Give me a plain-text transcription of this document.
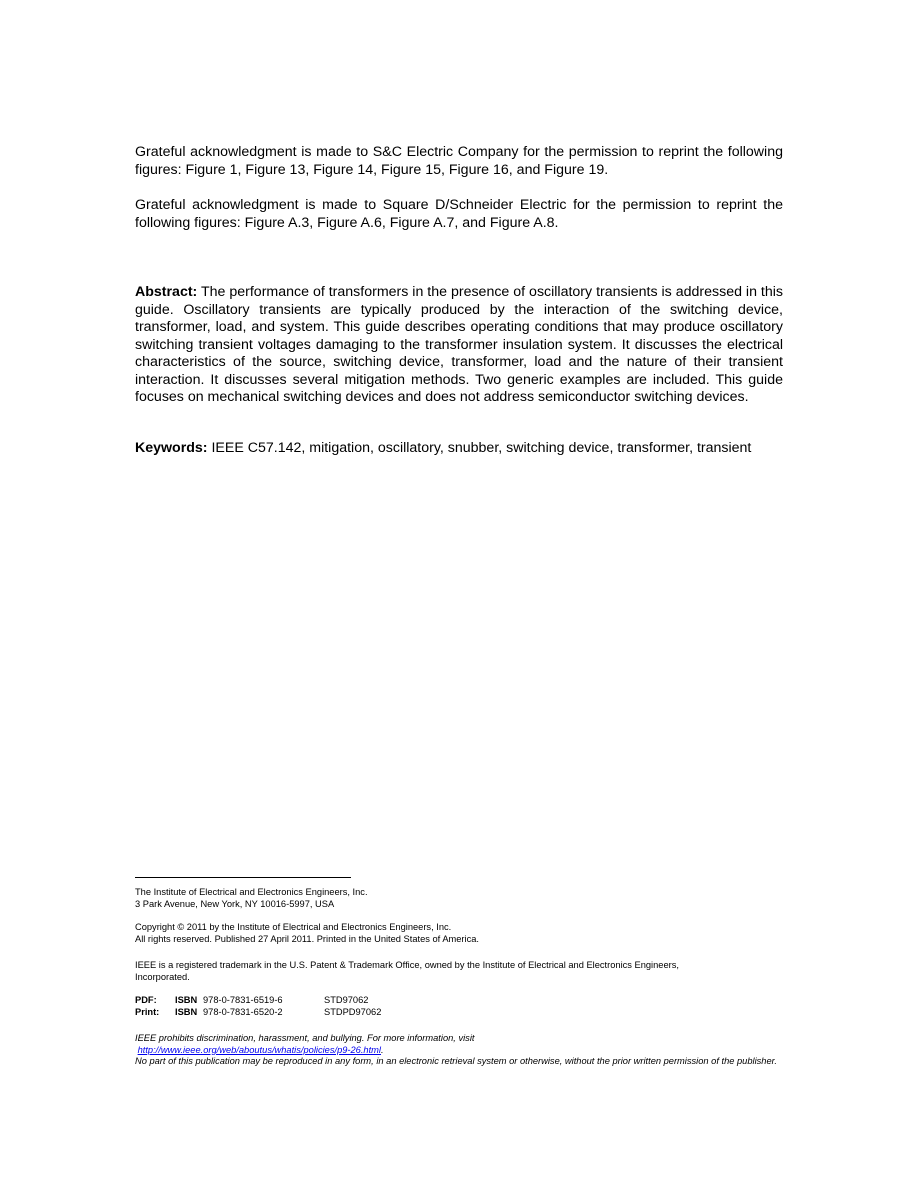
Grateful acknowledgment is made to S&C Electric Company for the permission to reprint the following figures: Figure 1, Figure 13, Figure 14, Figure 15, Figure 16, and Figure 19.

Grateful acknowledgment is made to Square D/Schneider Electric for the permission to reprint the following figures: Figure A.3, Figure A.6, Figure A.7, and Figure A.8.

Abstract: The performance of transformers in the presence of oscillatory transients is addressed in this guide. Oscillatory transients are typically produced by the interaction of the switching device, transformer, load, and system. This guide describes operating conditions that may produce oscillatory switching transient voltages damaging to the transformer insulation system. It discusses the electrical characteristics of the source, switching device, transformer, load and the nature of their transient interaction. It discusses several mitigation methods. Two generic examples are included. This guide focuses on mechanical switching devices and does not address semiconductor switching devices.

Keywords: IEEE C57.142, mitigation, oscillatory, snubber, switching device, transformer, transient

The Institute of Electrical and Electronics Engineers, Inc.
3 Park Avenue, New York, NY 10016-5997, USA

Copyright © 2011 by the Institute of Electrical and Electronics Engineers, Inc.
All rights reserved. Published 27 April 2011. Printed in the United States of America.

IEEE is a registered trademark in the U.S. Patent & Trademark Office, owned by the Institute of Electrical and Electronics Engineers, Incorporated.

PDF: ISBN 978-0-7831-6519-6	STD97062
Print: ISBN 978-0-7831-6520-2	STDPD97062

IEEE prohibits discrimination, harassment, and bullying. For more information, visit
http://www.ieee.org/web/aboutus/whatis/policies/p9-26.html.
No part of this publication may be reproduced in any form, in an electronic retrieval system or otherwise, without the prior written permission of the publisher.
